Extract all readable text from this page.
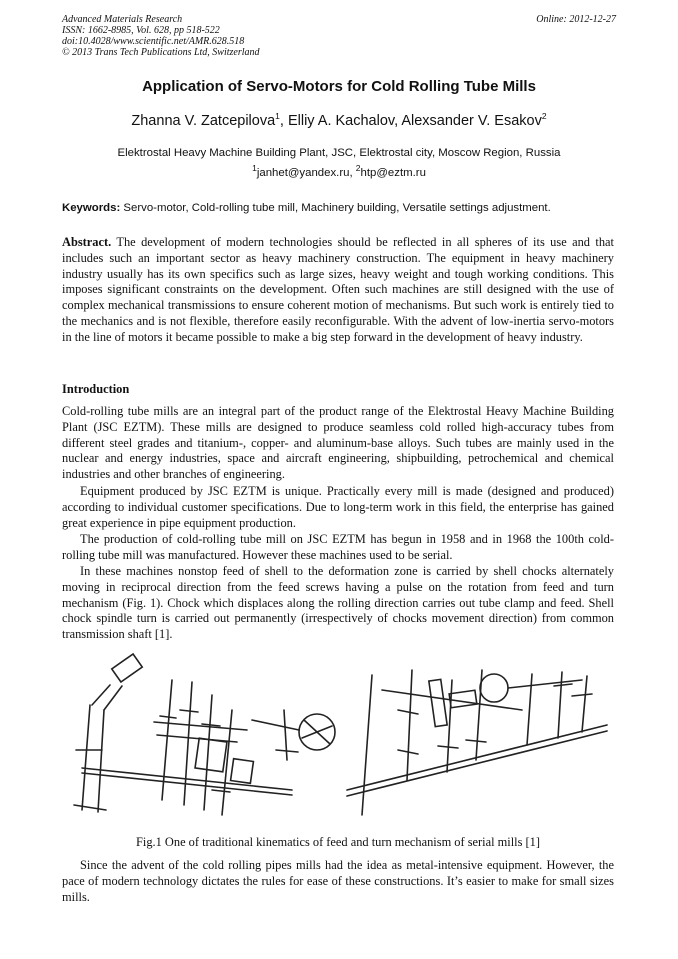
Advanced Materials Research
ISSN: 1662-8985, Vol. 628, pp 518-522
doi:10.4028/www.scientific.net/AMR.628.518
© 2013 Trans Tech Publications Ltd, Switzerland
Online: 2012-12-27
Application of Servo-Motors for Cold Rolling Tube Mills
Zhanna V. Zatcepilova$^1$, Elliy A. Kachalov, Alexsander V. Esakov$^2$
Elektrostal Heavy Machine Building Plant, JSC, Elektrostal city, Moscow Region, Russia
$^1$janhet@yandex.ru, $^2$htp@eztm.ru
Keywords: Servo-motor, Cold-rolling tube mill, Machinery building, Versatile settings adjustment.
Abstract. The development of modern technologies should be reflected in all spheres of its use and that includes such an important sector as heavy machinery construction. The equipment in heavy machinery industry usually has its own specifics such as large sizes, heavy weight and tough working conditions. This imposes significant constraints on the development. Often such machines are still designed with the use of complex mechanical transmissions to ensure coherent motion of mechanisms. But such work is entirely tied to the mechanics and is not flexible, therefore easily reconfigurable. With the advent of low-inertia servo-motors in the line of motors it became possible to make a big step forward in the development of heavy industry.
Introduction
Cold-rolling tube mills are an integral part of the product range of the Elektrostal Heavy Machine Building Plant (JSC EZTM). These mills are designed to produce seamless cold rolled high-accuracy tubes from different steel grades and titanium-, copper- and aluminum-base alloys. Such tubes are mainly used in the nuclear and energy industries, space and aircraft engineering, shipbuilding, petrochemical and chemical industries and other branches of engineering.
Equipment produced by JSC EZTM is unique. Practically every mill is made (designed and produced) according to individual customer specifications. Due to long-term work in this field, the enterprise has gained great experience in pipe equipment production.
The production of cold-rolling tube mill on JSC EZTM has begun in 1958 and in 1968 the 100th cold-rolling tube mill was manufactured. However these machines used to be serial.
In these machines nonstop feed of shell to the deformation zone is carried by shell chocks alternately moving in reciprocal direction from the feed screws having a pulse on the rotation from feed and turn mechanism (Fig. 1). Chock which displaces along the rolling direction carries out tube clamp and feed. Shell chock spindle turn is carried out permanently (irrespectively of chocks movement direction) from common transmission shaft [1].
Fig.1 One of traditional kinematics of feed and turn mechanism of serial mills [1]
Since the advent of the cold rolling pipes mills had the idea as metal-intensive equipment. However, the pace of modern technology dictates the rules for ease of these constructions. It’s easier to make for small sizes mills.
